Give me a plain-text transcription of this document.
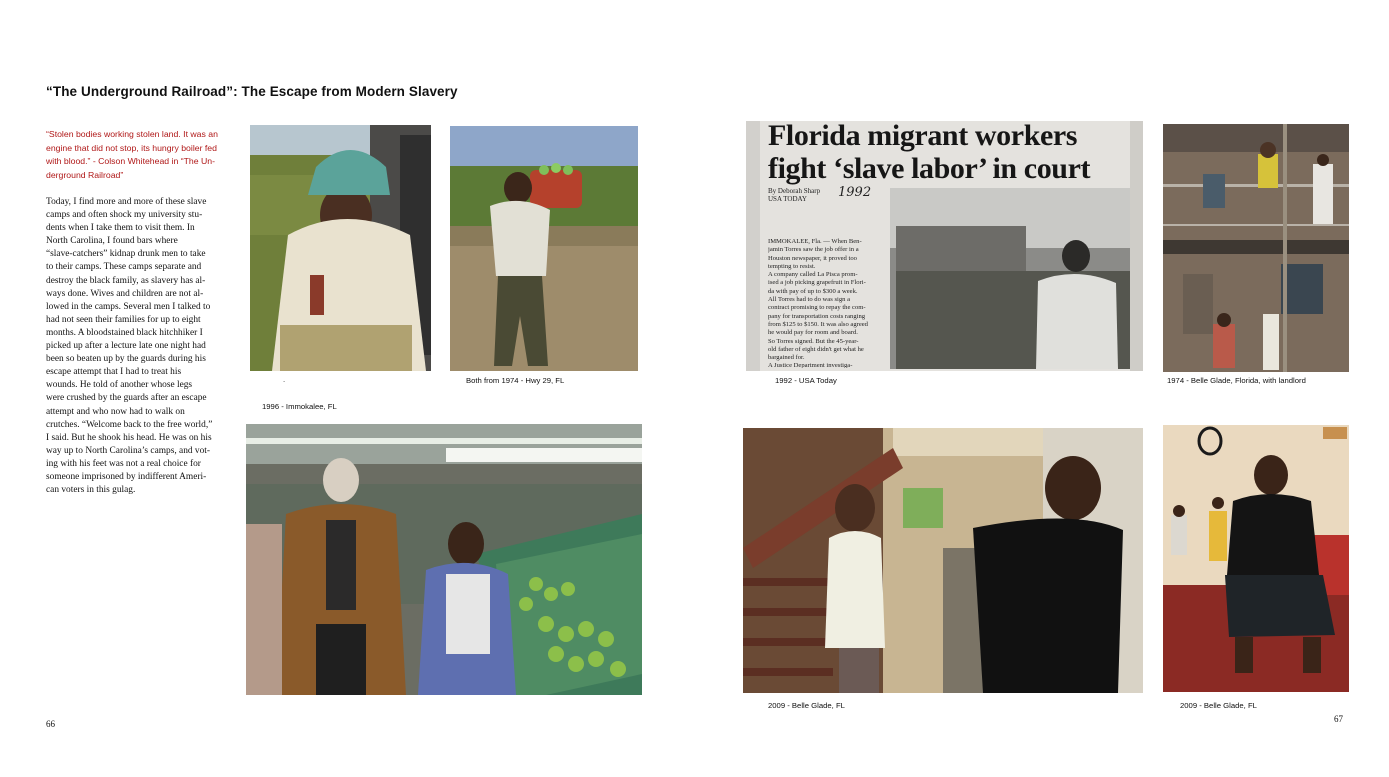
“The Underground Railroad”: The Escape from Modern Slavery
“Stolen bodies working stolen land. It was an
engine that did not stop, its hungry boiler fed
with blood.” - Colson Whitehead in “The Un-
derground Railroad”
Today, I find more and more of these slave
camps and often shock my university stu-
dents when I take them to visit them. In
North Carolina, I found bars where
“slave-catchers” kidnap drunk men to take
to their camps. These camps separate and
destroy the black family, as slavery has al-
ways done. Wives and children are not al-
lowed in the camps. Several men I talked to
had not seen their families for up to eight
months. A bloodstained black hitchhiker I
picked up after a lecture late one night had
been so beaten up by the guards during his
escape attempt that I had to treat his
wounds. He told of another whose legs
were crushed by the guards after an escape
attempt and who now had to walk on
crutches. “Welcome back to the free world,”
I said. But he shook his head. He was on his
way up to North Carolina’s camps, and vot-
ing with his feet was not a real choice for
someone imprisoned by indifferent Ameri-
can voters in this gulag.
66	67
.
1996 - Immokalee, FL
Both from 1974 - Hwy 29, FL
Florida migrant workers
fight ‘slave labor’ in court
By Deborah Sharp
USA TODAY	1992
IMMOKALEE, Fla. — When Ben-
jamin Torres saw the job offer in a
Houston newspaper, it proved too
tempting to resist.
A company called La Pisca prom-
ised a job picking grapefruit in Flori-
da with pay of up to $300 a week.
All Torres had to do was sign a
contract promising to repay the com-
pany for transportation costs ranging
from $125 to $150. It was also agreed
he would pay for room and board.
So Torres signed. But the 45-year-
old father of eight didn't get what he
bargained for.
A Justice Department investiga-

1992 - USA Today	1974 - Belle Glade, Florida, with landlord
2009 - Belle Glade, FL	2009 - Belle Glade, FL
